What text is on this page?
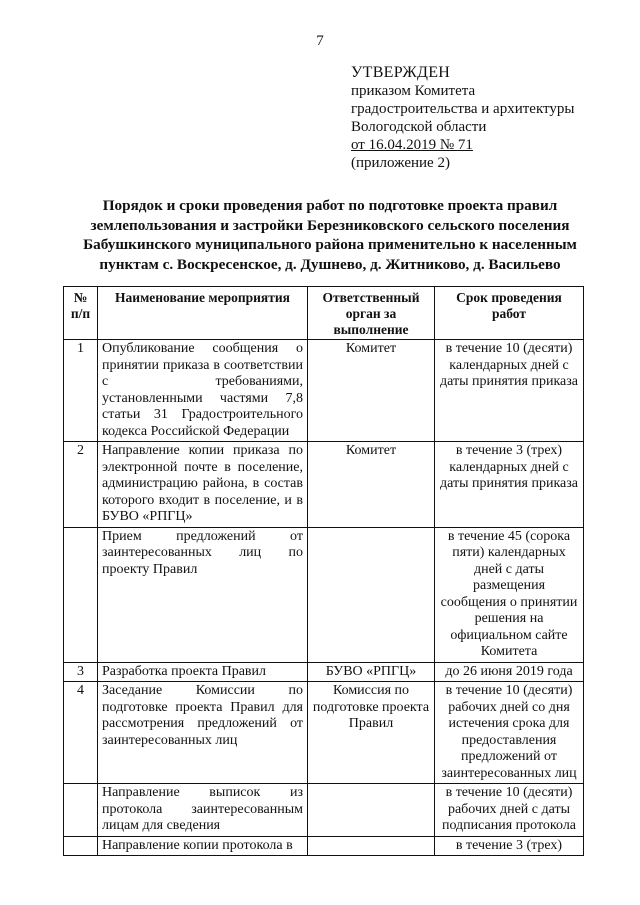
7
УТВЕРЖДЕН
приказом Комитета
градостроительства и архитектуры
Вологодской области
от 16.04.2019 № 71
(приложение 2)
Порядок и сроки проведения работ по подготовке проекта правил
землепользования и застройки Березниковского сельского поселения
Бабушкинского муниципального района применительно к населенным
пунктам с. Воскресенское, д. Душнево, д. Житниково, д. Васильево
№ п/п	Наименование мероприятия	Ответственный орган за выполнение	Срок проведения работ
1	Опубликование сообщения о принятии приказа в соответствии с требованиями, установленными частями 7,8 статьи 31 Градостроительного кодекса Российской Федерации	Комитет	в течение 10 (десяти) календарных дней с даты принятия приказа
2	Направление копии приказа по электронной почте в поселение, администрацию района, в состав которого входит в поселение, и в БУВО «РПГЦ»	Комитет	в течение 3 (трех) календарных дней с даты принятия приказа
	Прием предложений от заинтересованных лиц по проекту Правил		в течение 45 (сорока пяти) календарных дней с даты размещения сообщения о принятии решения на официальном сайте Комитета
3	Разработка проекта Правил	БУВО «РПГЦ»	до 26 июня 2019 года
4	Заседание Комиссии по подготовке проекта Правил для рассмотрения предложений от заинтересованных лиц	Комиссия по подготовке проекта Правил	в течение 10 (десяти) рабочих дней со дня истечения срока для предоставления предложений от заинтересованных лиц
	Направление выписок из протокола заинтересованным лицам для сведения		в течение 10 (десяти) рабочих дней с даты подписания протокола
	Направление копии протокола в		в течение 3 (трех)
